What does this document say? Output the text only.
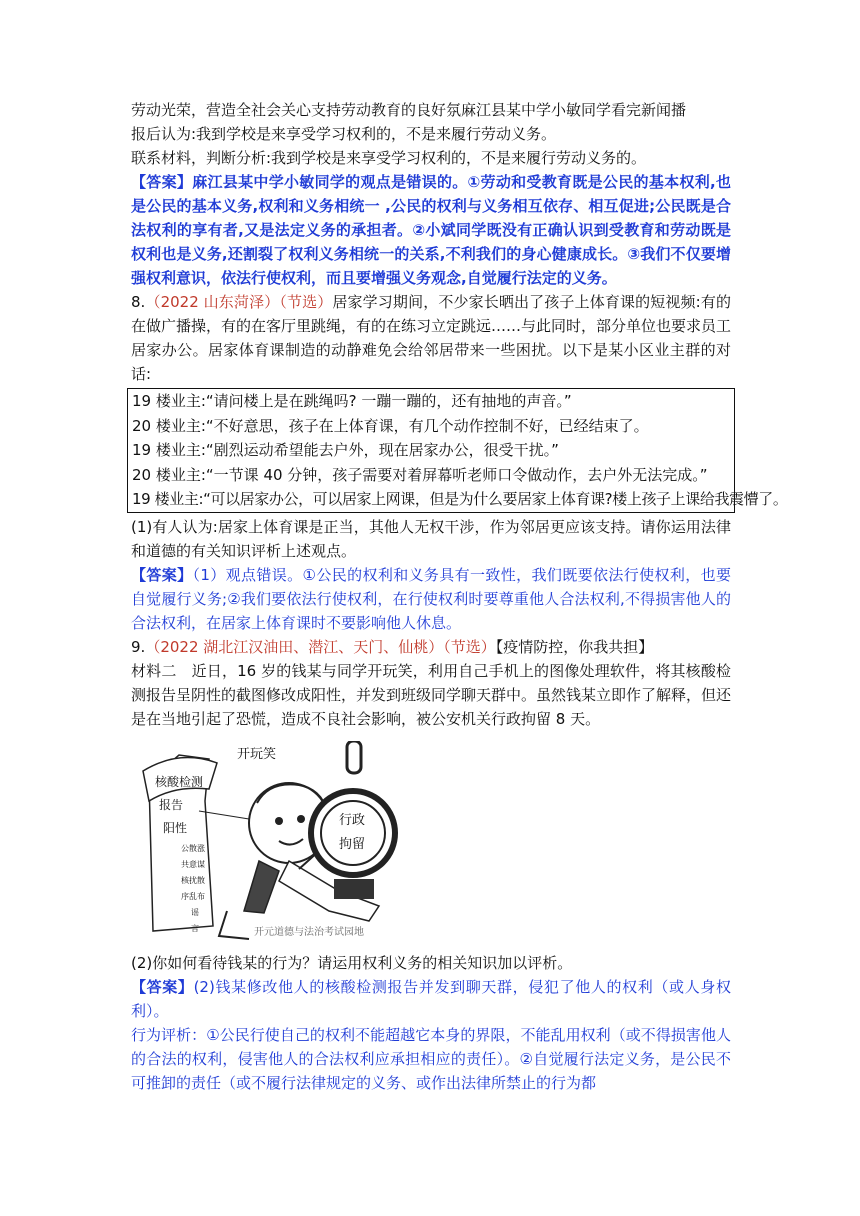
劳动光荣，营造全社会关心支持劳动教育的良好氛麻江县某中学小敏同学看完新闻播

报后认为:我到学校是来享受学习权利的，不是来履行劳动义务。

联系材料，判断分析:我到学校是来享受学习权利的，不是来履行劳动义务的。

【答案】麻江县某中学小敏同学的观点是错误的。①劳动和受教育既是公民的基本权利,也是公民的基本义务,权利和义务相统一 ,公民的权利与义务相互依存、相互促进;公民既是合法权利的享有者,又是法定义务的承担者。②小斌同学既没有正确认识到受教育和劳动既是权利也是义务,还割裂了权利义务相统一的关系,不利我们的身心健康成长。③我们不仅要增强权利意识，依法行使权利，而且要增强义务观念,自觉履行法定的义务。

8.（2022 山东菏泽）（节选）居家学习期间，不少家长晒出了孩子上体育课的短视频:有的在做广播操，有的在客厅里跳绳，有的在练习立定跳远……与此同时，部分单位也要求员工居家办公。居家体育课制造的动静难免会给邻居带来一些困扰。以下是某小区业主群的对话:

19 楼业主:“请问楼上是在跳绳吗? 一蹦一蹦的，还有抽地的声音。”

20 楼业主:“不好意思，孩子在上体育课，有几个动作控制不好，已经结束了。

19 楼业主:“剧烈运动希望能去户外，现在居家办公，很受干扰。”

20 楼业主:“一节课 40 分钟，孩子需要对着屏幕听老师口令做动作，去户外无法完成。”

19 楼业主:“可以居家办公，可以居家上网课，但是为什么要居家上体育课?楼上孩子上课给我震懵了。

(1)有人认为:居家上体育课是正当，其他人无权干涉，作为邻居更应该支持。请你运用法律和道德的有关知识评析上述观点。

【答案】（1）观点错误。①公民的权利和义务具有一致性，我们既要依法行使权利，也要自觉履行义务;②我们要依法行使权利，在行使权利时要尊重他人合法权利,不得损害他人的合法权利，在居家上体育课时不要影响他人休息。

9.（2022 湖北江汉油田、潜江、天门、仙桃）（节选）【疫情防控，你我共担】

材料二　近日，16 岁的钱某与同学开玩笑，利用自己手机上的图像处理软件，将其核酸检测报告呈阴性的截图修改成阳性，并发到班级同学聊天群中。虽然钱某立即作了解释，但还是在当地引起了恐慌，造成不良社会影响，被公安机关行政拘留 8 天。

核酸检测
报告
阳性
公散涨
共意谋
核扰散
序乱布
谣
言
开玩笑
行政
拘留
开元道德与法治考试园地

(2)你如何看待钱某的行为？请运用权利义务的相关知识加以评析。

【答案】(2)钱某修改他人的核酸检测报告并发到聊天群，侵犯了他人的权利（或人身权利）。

行为评析：①公民行使自己的权利不能超越它本身的界限，不能乱用权利（或不得损害他人的合法的权利，侵害他人的合法权利应承担相应的责任）。②自觉履行法定义务，是公民不可推卸的责任（或不履行法律规定的义务、或作出法律所禁止的行为都
